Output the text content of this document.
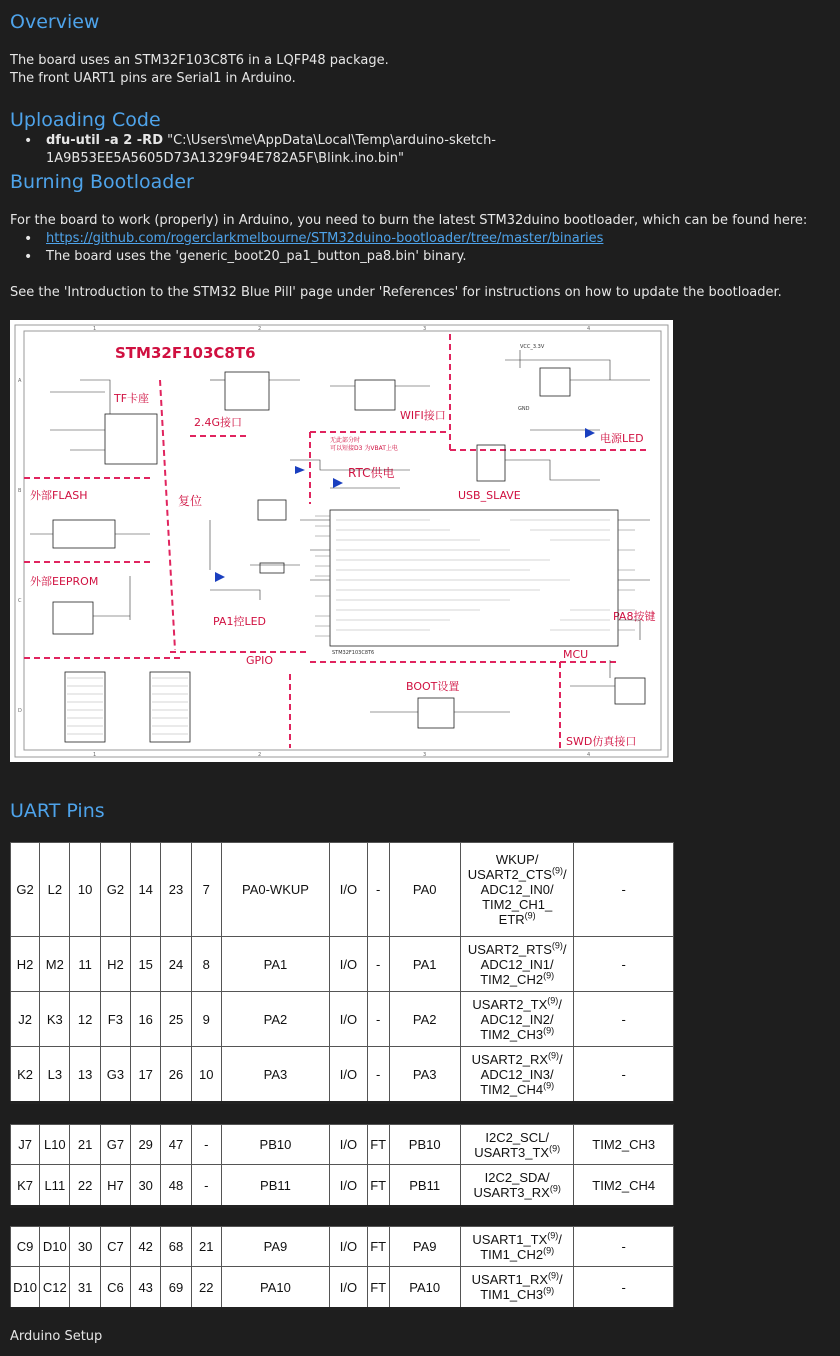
Overview

The board uses an STM32F103C8T6 in a LQFP48 package.

The front UART1 pins are Serial1 in Arduino.

Uploading Code
• dfu-util -a 2 -RD "C:\Users\me\AppData\Local\Temp\arduino-sketch-1A9B53EE5A5605D73A1329F94E782A5F\Blink.ino.bin"
Burning Bootloader

For the board to work (properly) in Arduino, you need to burn the latest STM32duino bootloader, which can be found here:

• https://github.com/rogerclarkmelbourne/STM32duino-bootloader/tree/master/binaries
• The board uses the 'generic_boot20_pa1_button_pa8.bin' binary.

See the 'Introduction to the STM32 Blue Pill' page under 'References' for instructions on how to update the bootloader.

1	2	3	4
1	2	3	4
A
B
C
D
STM32F103C8T6
TF卡座
2.4G接口
WIFI接口
电源LED
RTC供电
USB_SLAVE
外部FLASH	复位
外部EEPROM
PA1控LED
GPIO	MCU
PA8按键
BOOT设置
SWD仿真接口
无此部分时
可以短接D3 为VBAT上电
STM32F103C8T6
VCC_3.3V
GND
UART Pins
G2	L2	10	G2	14	23	7	PA0-WKUP	I/O	-	PA0	WKUP/
USART2_CTS$^{(9)}$/
ADC12_IN0/
TIM2_CH1_
ETR$^{(9)}$	-
H2	M2	11	H2	15	24	8	PA1	I/O	-	PA1	USART2_RTS$^{(9)}$/
ADC12_IN1/
TIM2_CH2$^{(9)}$	-
J2	K3	12	F3	16	25	9	PA2	I/O	-	PA2	USART2_TX$^{(9)}$/
ADC12_IN2/
TIM2_CH3$^{(9)}$	-
K2	L3	13	G3	17	26	10	PA3	I/O	-	PA3	USART2_RX$^{(9)}$/
ADC12_IN3/
TIM2_CH4$^{(9)}$	-
J7	L10	21	G7	29	47	-	PB10	I/O	FT	PB10	I2C2_SCL/
USART3_TX$^{(9)}$	TIM2_CH3
K7	L11	22	H7	30	48	-	PB11	I/O	FT	PB11	I2C2_SDA/
USART3_RX$^{(9)}$	TIM2_CH4
C9	D10	30	C7	42	68	21	PA9	I/O	FT	PA9	USART1_TX$^{(9)}$/
TIM1_CH2$^{(9)}$	-
D10	C12	31	C6	43	69	22	PA10	I/O	FT	PA10	USART1_RX$^{(9)}$/
TIM1_CH3$^{(9)}$	-

Arduino Setup
